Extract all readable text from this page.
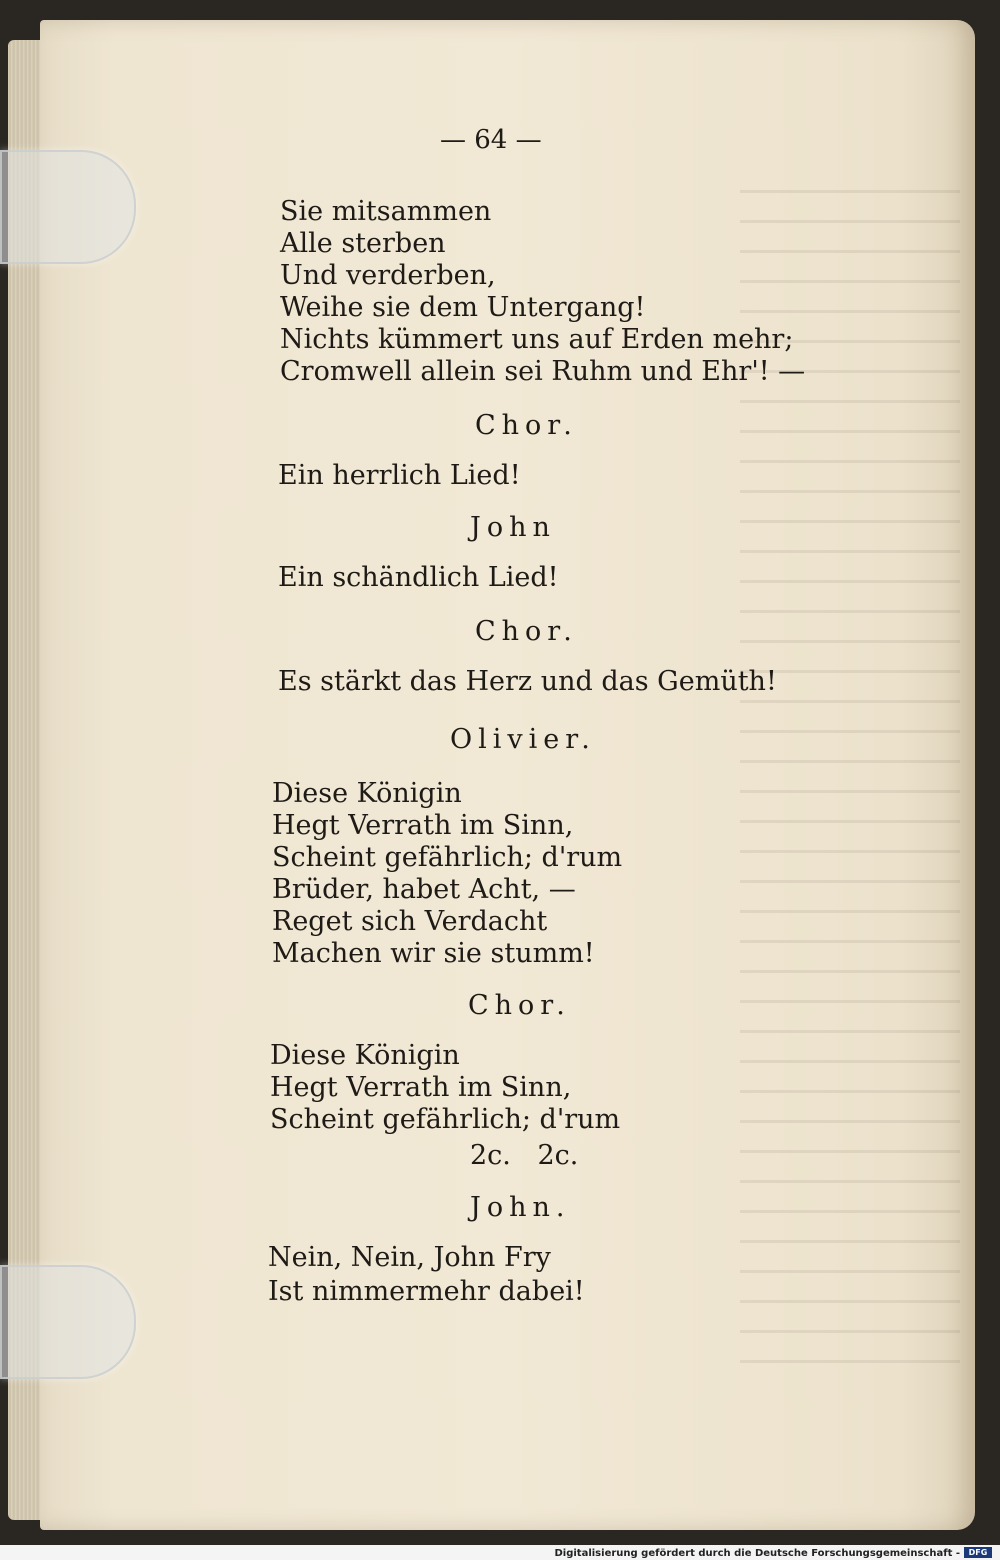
— 64 —
Sie mitsammen
Alle sterben
Und verderben,
Weihe sie dem Untergang!
Nichts kümmert uns auf Erden mehr;
Cromwell allein sei Ruhm und Ehr'! —
Chor.
Ein herrlich Lied!
John
Ein schändlich Lied!
Chor.
Es stärkt das Herz und das Gemüth!
Olivier.
Diese Königin
Hegt Verrath im Sinn,
Scheint gefährlich; d'rum
Brüder, habet Acht, —
Reget sich Verdacht
Machen wir sie stumm!
Chor.
Diese Königin
Hegt Verrath im Sinn,
Scheint gefährlich; d'rum
2c. 2c.
John.
Nein, Nein, John Fry
Ist nimmermehr dabei!
Digitalisierung gefördert durch die Deutsche Forschungsgemeinschaft -	DFG
